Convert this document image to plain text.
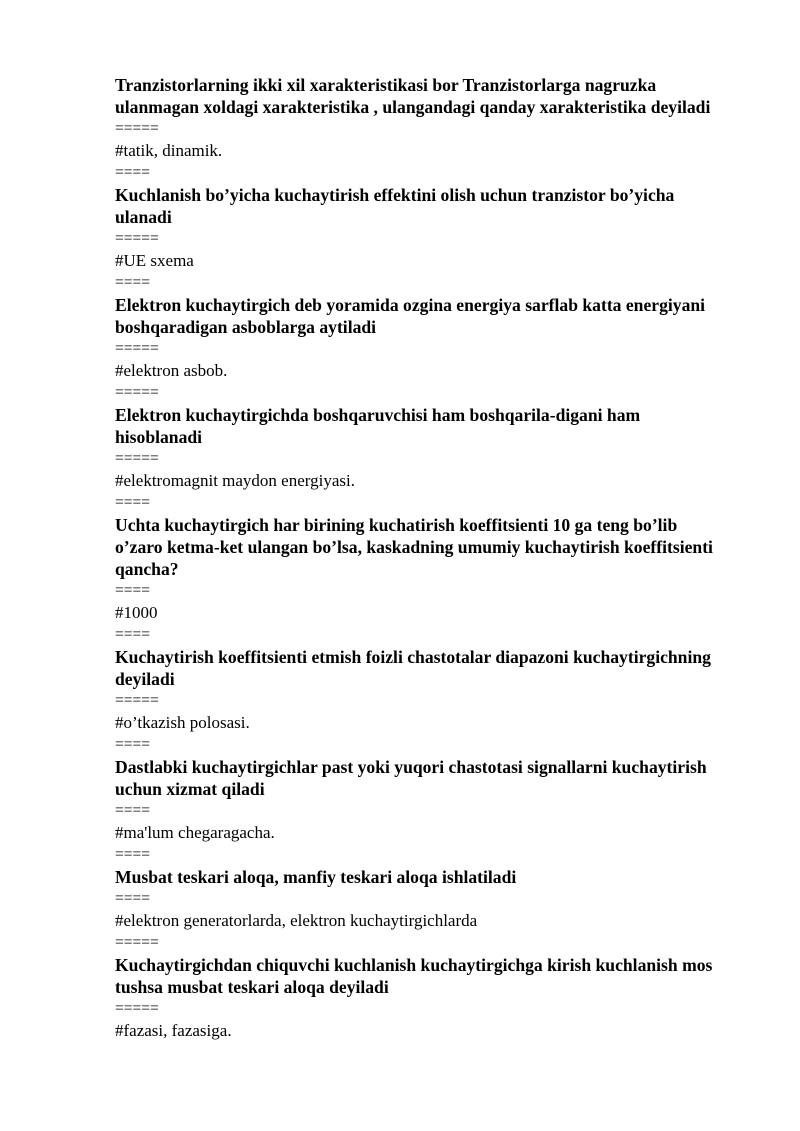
Tranzistorlarning ikki xil xarakteristikasi bor Tranzistorlarga nagruzka ulanmagan xoldagi xarakteristika , ulangandagi qanday xarakteristika deyiladi

=====

#tatik, dinamik.

====

Kuchlanish bo’yicha kuchaytirish effektini olish uchun tranzistor bo’yicha ulanadi

=====

#UE sxema

====

Elektron kuchaytirgich deb yoramida ozgina energiya sarflab katta energiyani boshqaradigan asboblarga aytiladi

=====

#elektron asbob.

=====

Elektron kuchaytirgichda boshqaruvchisi ham boshqarila-digani ham hisoblanadi

=====

#elektromagnit maydon energiyasi.

====

Uchta kuchaytirgich har birining kuchatirish koeffitsienti 10 ga teng bo’lib o’zaro ketma-ket ulangan bo’lsa, kaskadning umumiy kuchaytirish koeffitsienti qancha?

====

#1000

====

Kuchaytirish koeffitsienti etmish foizli chastotalar diapazoni kuchaytirgichning deyiladi

=====

#o’tkazish polosasi.

====

Dastlabki kuchaytirgichlar past yoki yuqori chastotasi signallarni kuchaytirish uchun xizmat qiladi

====

#ma'lum chegaragacha.

====

Musbat teskari aloqa, manfiy teskari aloqa ishlatiladi

====

#elektron generatorlarda, elektron kuchaytirgichlarda

=====

Kuchaytirgichdan chiquvchi kuchlanish kuchaytirgichga kirish kuchlanish mos tushsa musbat teskari aloqa deyiladi

=====

#fazasi, fazasiga.
